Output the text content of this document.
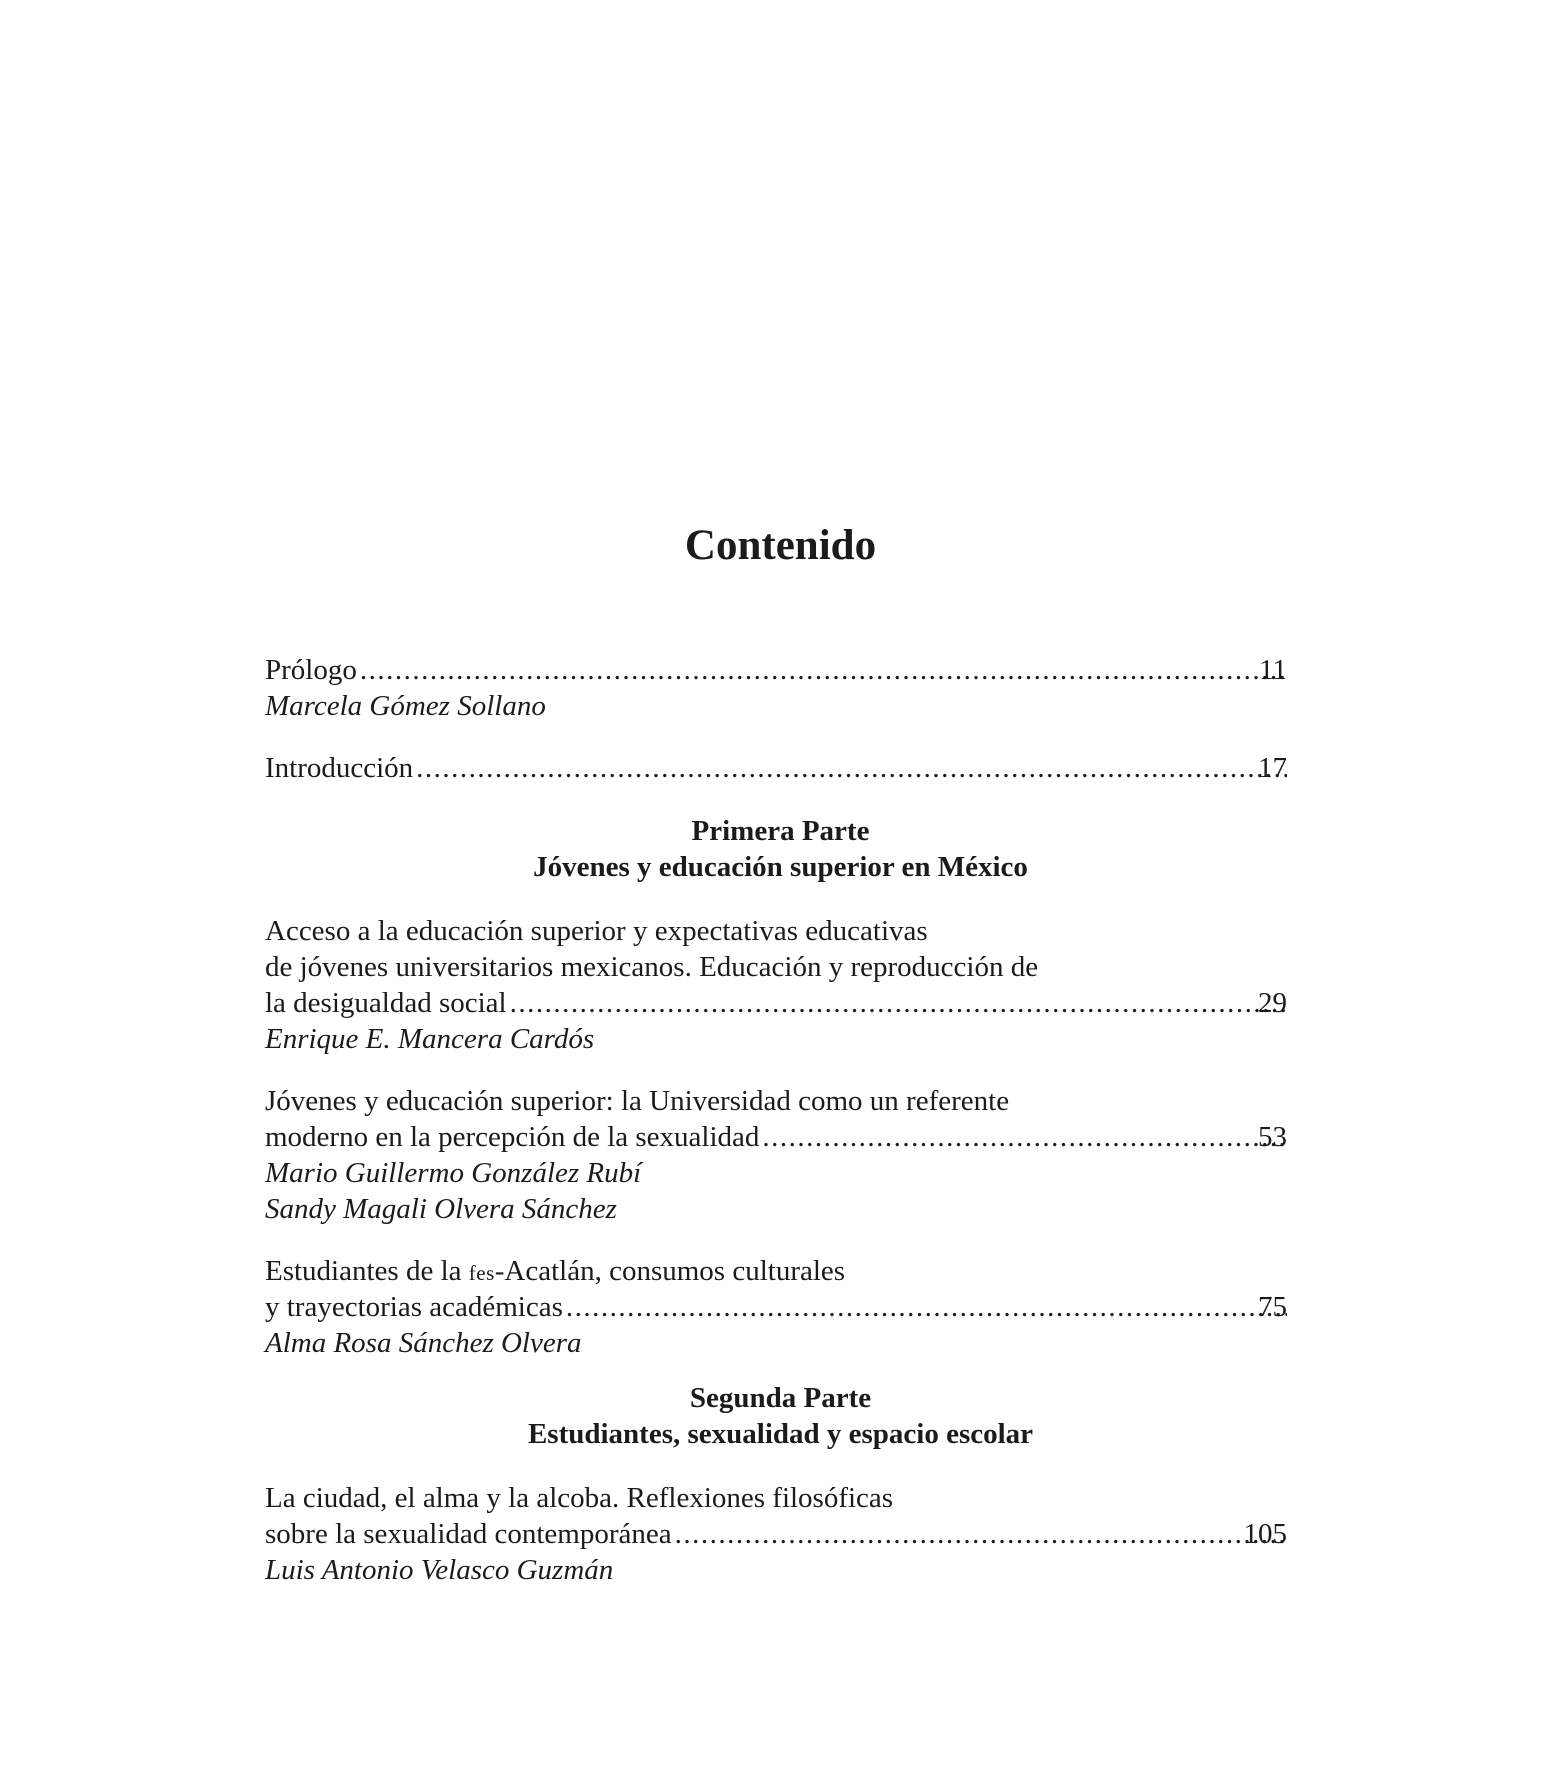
Contenido
Prólogo .....	11
Marcela Gómez Sollano
Introducción .....	17
Primera Parte
Jóvenes y educación superior en México
Acceso a la educación superior y expectativas educativas
de jóvenes universitarios mexicanos. Educación y reproducción de
la desigualdad social .....	29
Enrique E. Mancera Cardós
Jóvenes y educación superior: la Universidad como un referente
moderno en la percepción de la sexualidad .....	53
Mario Guillermo González Rubí
Sandy Magali Olvera Sánchez
Estudiantes de la fes-Acatlán, consumos culturales
y trayectorias académicas .....	75
Alma Rosa Sánchez Olvera
Segunda Parte
Estudiantes, sexualidad y espacio escolar
La ciudad, el alma y la alcoba. Reflexiones filosóficas
sobre la sexualidad contemporánea .....	105
Luis Antonio Velasco Guzmán
